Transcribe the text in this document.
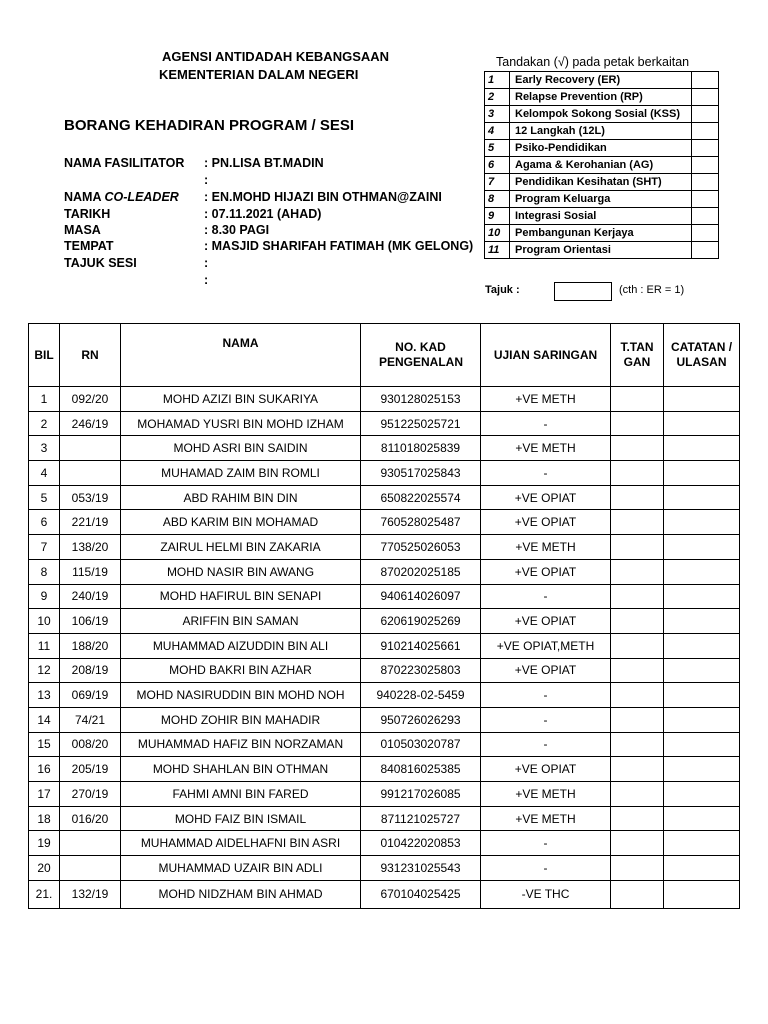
AGENSI ANTIDADAH KEBANGSAAN
KEMENTERIAN DALAM NEGERI
BORANG KEHADIRAN PROGRAM / SESI
NAMA FASILITATOR : PN.LISA BT.MADIN
:
NAMA CO-LEADER : EN.MOHD HIJAZI BIN OTHMAN@ZAINI
TARIKH	: 07.11.2021 (AHAD)
MASA	: 8.30 PAGI
TEMPAT	: MASJID SHARIFAH FATIMAH (MK GELONG)
TAJUK SESI	:
:
Tandakan (√) pada petak berkaitan
1	Early Recovery (ER)	
2	Relapse Prevention (RP)	
3	Kelompok Sokong Sosial (KSS)	
4	12 Langkah (12L)	
5	Psiko-Pendidikan	
6	Agama & Kerohanian (AG)	
7	Pendidikan Kesihatan (SHT)	
8	Program Keluarga	
9	Integrasi Sosial	
10	Pembangunan Kerjaya	
11	Program Orientasi	
Tajuk :	(cth : ER = 1)
BIL	RN	NAMA	NO. KAD PENGENALAN	UJIAN SARINGAN	T.TAN GAN	CATATAN / ULASAN
1	092/20	MOHD AZIZI BIN SUKARIYA	930128025153	+VE METH		
2	246/19	MOHAMAD YUSRI BIN MOHD IZHAM	951225025721	-		
3		MOHD ASRI BIN SAIDIN	811018025839	+VE METH		
4		MUHAMAD ZAIM BIN ROMLI	930517025843	-		
5	053/19	ABD RAHIM BIN DIN	650822025574	+VE OPIAT		
6	221/19	ABD KARIM BIN MOHAMAD	760528025487	+VE OPIAT		
7	138/20	ZAIRUL HELMI BIN ZAKARIA	770525026053	+VE METH		
8	115/19	MOHD NASIR BIN AWANG	870202025185	+VE OPIAT		
9	240/19	MOHD HAFIRUL BIN SENAPI	940614026097	-		
10	106/19	ARIFFIN BIN SAMAN	620619025269	+VE OPIAT		
11	188/20	MUHAMMAD AIZUDDIN BIN ALI	910214025661	+VE OPIAT,METH		
12	208/19	MOHD BAKRI BIN AZHAR	870223025803	+VE OPIAT		
13	069/19	MOHD NASIRUDDIN BIN MOHD NOH	940228-02-5459	-		
14	74/21	MOHD ZOHIR BIN MAHADIR	950726026293	-		
15	008/20	MUHAMMAD HAFIZ BIN NORZAMAN	010503020787	-		
16	205/19	MOHD SHAHLAN BIN OTHMAN	840816025385	+VE OPIAT		
17	270/19	FAHMI AMNI BIN FARED	991217026085	+VE METH		
18	016/20	MOHD FAIZ BIN ISMAIL	871121025727	+VE METH		
19		MUHAMMAD AIDELHAFNI BIN ASRI	010422020853	-		
20		MUHAMMAD UZAIR BIN ADLI	931231025543	-		
21.	132/19	MOHD NIDZHAM BIN AHMAD	670104025425	-VE THC		
